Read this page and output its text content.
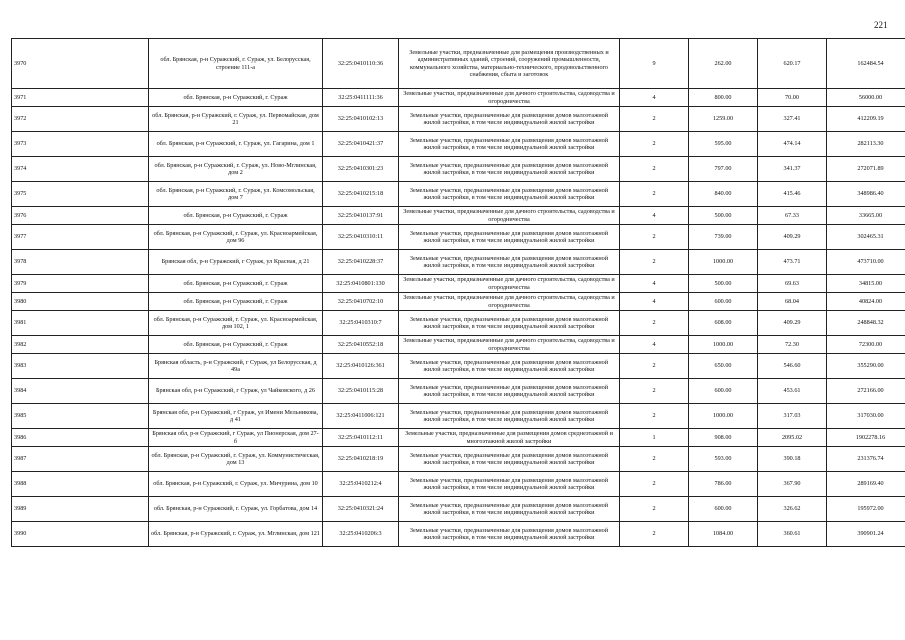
221
3970	обл. Брянская, р-н Суражский, г. Сураж, ул. Белорусская, строение 111-а	32:25:0410110:36	Земельные участки, предназначенные для размещения производственных и административных зданий, строений, сооружений промышленности, коммунального хозяйства, материально-технического, продовольственного снабжения, сбыта и заготовок	9	262.00	620.17	162484.54
3971	обл. Брянская, р-н Суражский, г. Сураж	32:25:0411111:36	Земельные участки, предназначенные для дачного строительства, садоводства и огородничества	4	800.00	70.00	56000.00
3972	обл. Брянская, р-н Суражский, г. Сураж, ул. Первомайская, дом 21	32:25:0410102:13	Земельные участки, предназначенные для размещения домов малоэтажной жилой застройки, в том числе индивидуальной жилой застройки	2	1259.00	327.41	412209.19
3973	обл. Брянская, р-н Суражский, г. Сураж, ул. Гагарина, дом 1	32:25:0410421:37	Земельные участки, предназначенные для размещения домов малоэтажной жилой застройки, в том числе индивидуальной жилой застройки	2	595.00	474.14	282113.30
3974	обл. Брянская, р-н Суражский, г. Сураж, ул. Ново-Мглинская, дом 2	32:25:0410301:23	Земельные участки, предназначенные для размещения домов малоэтажной жилой застройки, в том числе индивидуальной жилой застройки	2	797.00	341.37	272071.89
3975	обл. Брянская, р-н Суражский, г. Сураж, ул. Комсомольская, дом 7	32:25:0410215:18	Земельные участки, предназначенные для размещения домов малоэтажной жилой застройки, в том числе индивидуальной жилой застройки	2	840.00	415.46	348986.40
3976	обл. Брянская, р-н Суражский, г. Сураж	32:25:0410137:91	Земельные участки, предназначенные для дачного строительства, садоводства и огородничества	4	500.00	67.33	33665.00
3977	обл. Брянская, р-н Суражский, г. Сураж, ул. Красноармейская, дом 96	32:25:0410310:11	Земельные участки, предназначенные для размещения домов малоэтажной жилой застройки, в том числе индивидуальной жилой застройки	2	739.00	409.29	302465.31
3978	Брянская обл, р-н Суражский, г Сураж, ул Красная, д 21	32:25:0410228:37	Земельные участки, предназначенные для размещения домов малоэтажной жилой застройки, в том числе индивидуальной жилой застройки	2	1000.00	473.71	473710.00
3979	обл. Брянская, р-н Суражский, г. Сураж	32:25:0410801:130	Земельные участки, предназначенные для дачного строительства, садоводства и огородничества	4	500.00	69.63	34815.00
3980	обл. Брянская, р-н Суражский, г. Сураж	32:25:0410702:10	Земельные участки, предназначенные для дачного строительства, садоводства и огородничества	4	600.00	68.04	40824.00
3981	обл. Брянская, р-н Суражский, г. Сураж, ул. Красноармейская, дом 102, 1	32:25:0410310:7	Земельные участки, предназначенные для размещения домов малоэтажной жилой застройки, в том числе индивидуальной жилой застройки	2	608.00	409.29	248848.32
3982	обл. Брянская, р-н Суражский, г. Сураж	32:25:0410552:18	Земельные участки, предназначенные для дачного строительства, садоводства и огородничества	4	1000.00	72.30	72300.00
3983	Брянская область, р-н Суражский, г Сураж, ул Белорусская, д 49а	32:25:0410126:361	Земельные участки, предназначенные для размещения домов малоэтажной жилой застройки, в том числе индивидуальной жилой застройки	2	650.00	546.60	355290.00
3984	Брянская обл, р-н Суражский, г Сураж, ул Чайковского, д 26	32:25:0410115:28	Земельные участки, предназначенные для размещения домов малоэтажной жилой застройки, в том числе индивидуальной жилой застройки	2	600.00	453.61	272166.00
3985	Брянская обл, р-н Суражский, г Сураж, ул Имени Мельникова, д 41	32:25:0411006:121	Земельные участки, предназначенные для размещения домов малоэтажной жилой застройки, в том числе индивидуальной жилой застройки	2	1000.00	317.03	317030.00
3986	Брянская обл, р-н Суражский, г Сураж, ул Пионерская, дом 27-б	32:25:0410112:11	Земельные участки, предназначенные для размещения домов среднеэтажной и многоэтажной жилой застройки	1	908.00	2095.02	1902278.16
3987	обл. Брянская, р-н Суражский, г. Сураж, ул. Коммунистическая, дом 13	32:25:0410218:19	Земельные участки, предназначенные для размещения домов малоэтажной жилой застройки, в том числе индивидуальной жилой застройки	2	593.00	390.18	231376.74
3988	обл. Брянская, р-н Суражский, г. Сураж, ул. Мичурина, дом 10	32:25:0410212:4	Земельные участки, предназначенные для размещения домов малоэтажной жилой застройки, в том числе индивидуальной жилой застройки	2	786.00	367.90	289169.40
3989	обл. Брянская, р-н Суражский, г. Сураж, ул. Горбатова, дом 14	32:25:0410321:24	Земельные участки, предназначенные для размещения домов малоэтажной жилой застройки, в том числе индивидуальной жилой застройки	2	600.00	326.62	195972.00
3990	обл. Брянская, р-н Суражский, г. Сураж, ул. Мглинская, дом 121	32:25:0410206:3	Земельные участки, предназначенные для размещения домов малоэтажной жилой застройки, в том числе индивидуальной жилой застройки	2	1084.00	360.61	390901.24
